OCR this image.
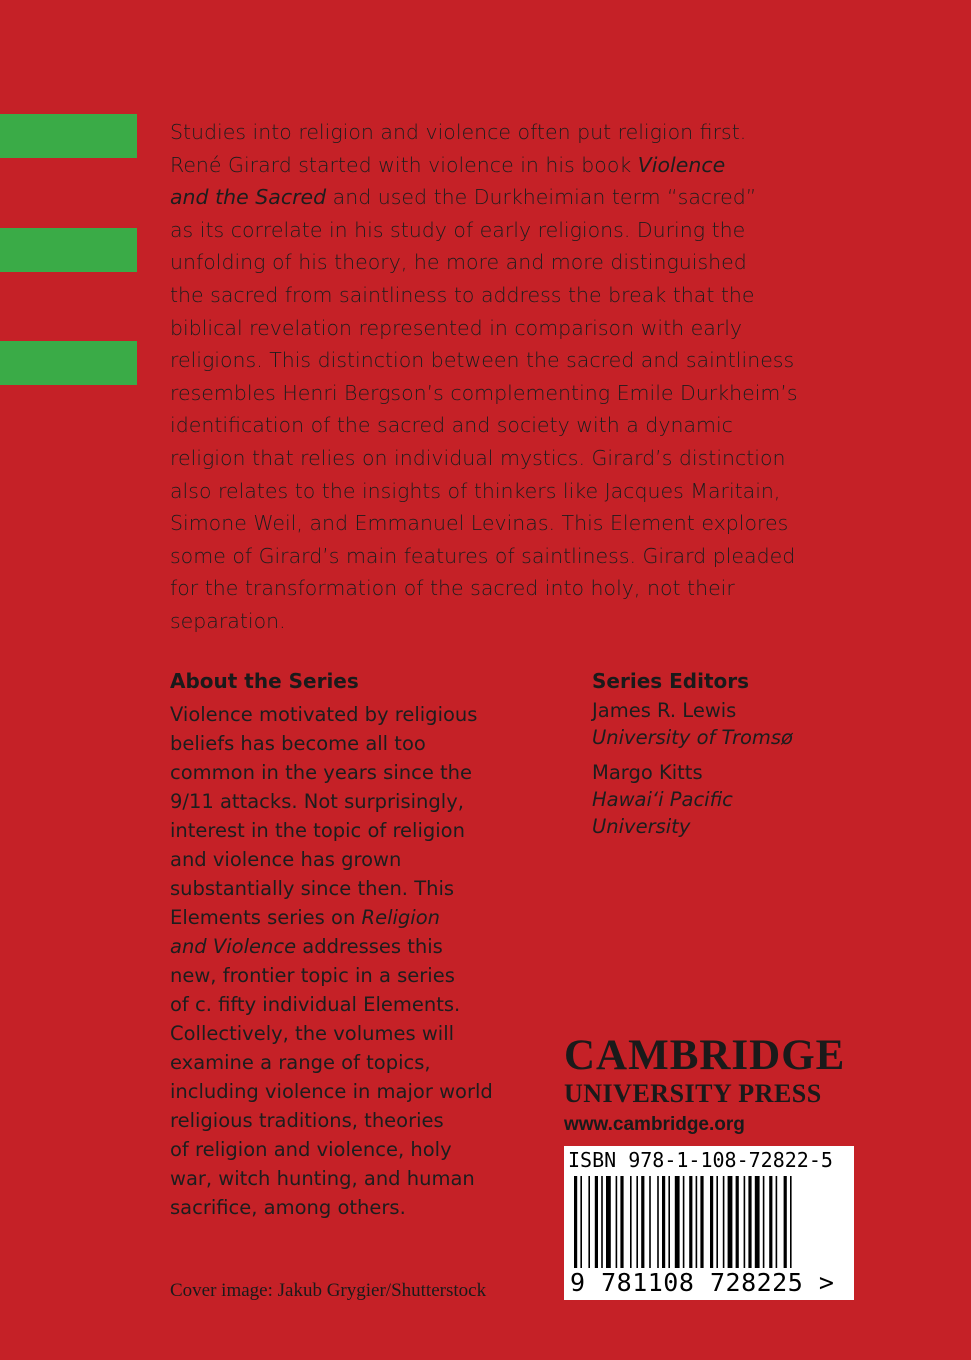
Studies into religion and violence often put religion first.
René Girard started with violence in his book Violence
and the Sacred and used the Durkheimian term “sacred”
as its correlate in his study of early religions. During the
unfolding of his theory, he more and more distinguished
the sacred from saintliness to address the break that the
biblical revelation represented in comparison with early
religions. This distinction between the sacred and saintliness
resembles Henri Bergson’s complementing Emile Durkheim’s
identification of the sacred and society with a dynamic
religion that relies on individual mystics. Girard’s distinction
also relates to the insights of thinkers like Jacques Maritain,
Simone Weil, and Emmanuel Levinas. This Element explores
some of Girard’s main features of saintliness. Girard pleaded
for the transformation of the sacred into holy, not their
separation.
About the Series
Violence motivated by religious
beliefs has become all too
common in the years since the
9/11 attacks. Not surprisingly,
interest in the topic of religion
and violence has grown
substantially since then. This
Elements series on Religion
and Violence addresses this
new, frontier topic in a series
of c. fifty individual Elements.
Collectively, the volumes will
examine a range of topics,
including violence in major world
religious traditions, theories
of religion and violence, holy
war, witch hunting, and human
sacrifice, among others.
Series Editors
James R. Lewis
University of Tromsø
Margo Kitts
Hawai‘i Pacific
University
CAMBRIDGE
UNIVERSITY PRESS
www.cambridge.org
ISBN 978-1-108-72822-5
9 781108 728225 >
Cover image: Jakub Grygier/Shutterstock
